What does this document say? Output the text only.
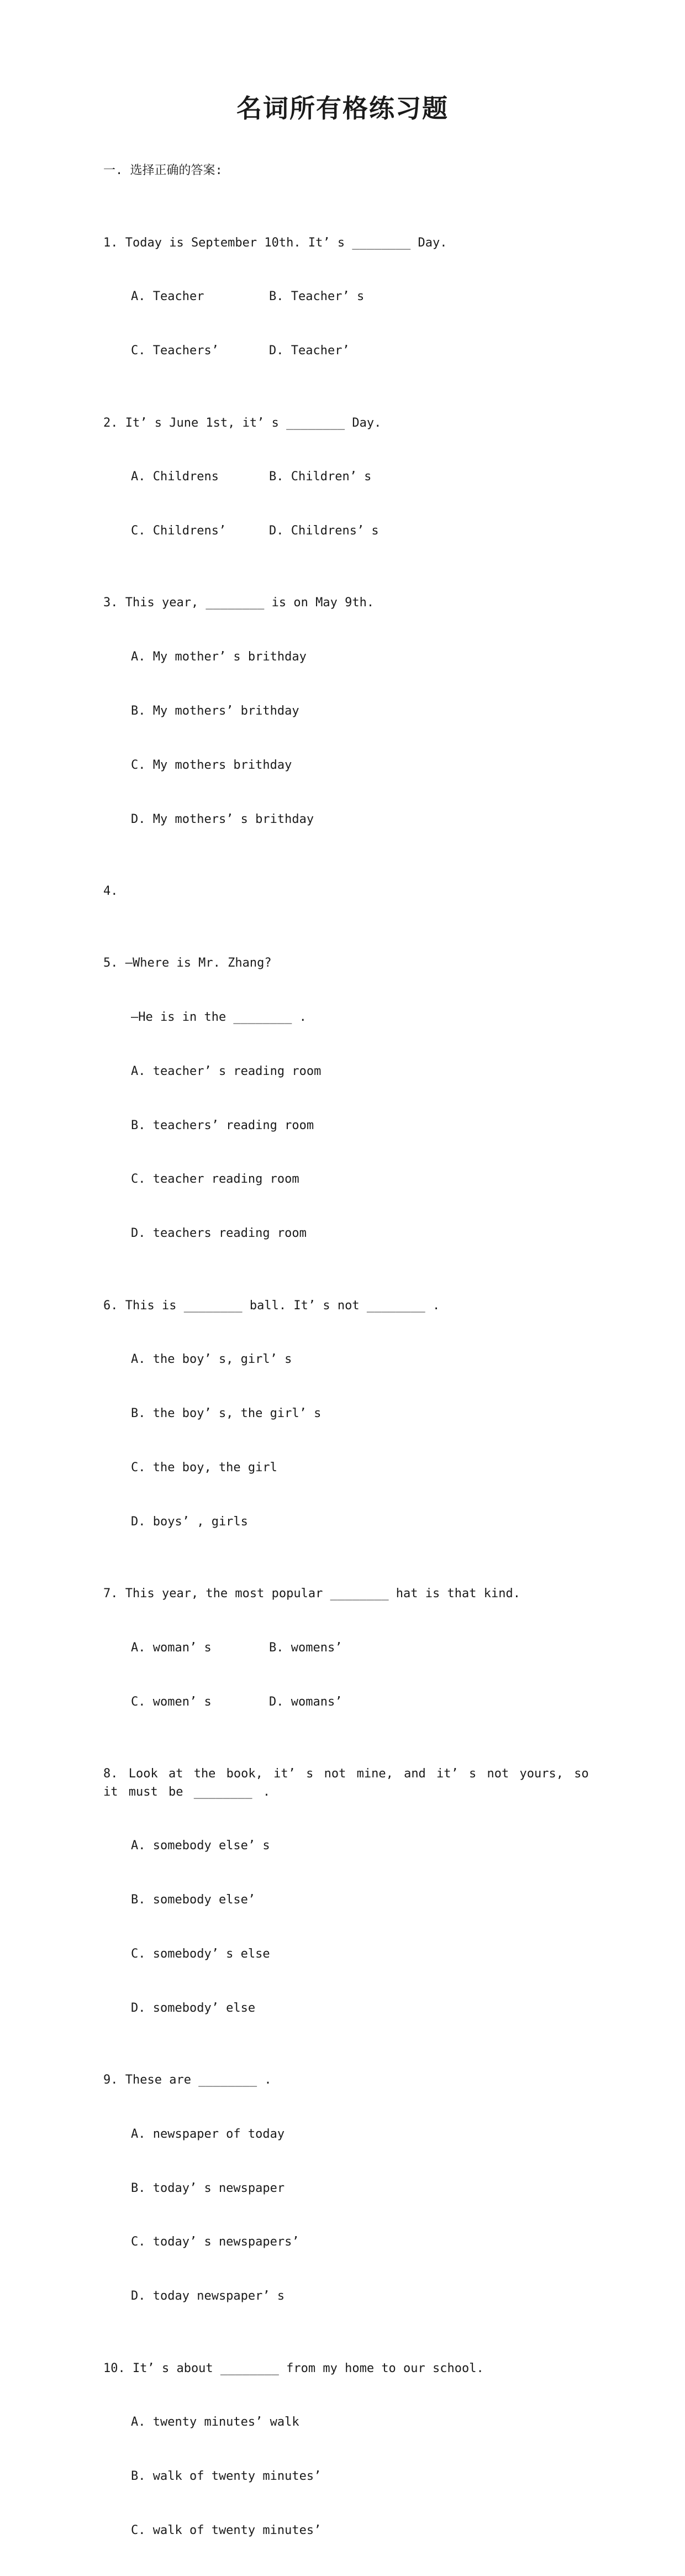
名词所有格练习题

一. 选择正确的答案:

1. Today is September 10th. It’ s ________ Day.

A. Teacher	B. Teacher’ s

C. Teachers’	D. Teacher’

2. It’ s June 1st, it’ s ________ Day.

A. Childrens	B. Children’ s

C. Childrens’	D. Childrens’ s

3. This year, ________ is on May 9th.

A. My mother’ s brithday

B. My mothers’ brithday

C. My mothers brithday

D. My mothers’ s brithday

4.

5. —Where is Mr. Zhang?

—He is in the ________ .

A. teacher’ s reading room

B. teachers’ reading room

C. teacher reading room

D. teachers reading room

6. This is ________ ball. It’ s not ________ .

A. the boy’ s, girl’ s

B. the boy’ s, the girl’ s

C. the boy, the girl

D. boys’ , girls

7. This year, the most popular ________ hat is that kind.

A. woman’ s	B. womens’

C. women’ s	D. womans’

8. Look at the book, it’ s not mine, and it’ s not yours, so it must be ________ .

A. somebody else’ s

B. somebody else’

C. somebody’ s else

D. somebody’ else

9. These are ________ .

A. newspaper of today

B. today’ s newspaper

C. today’ s newspapers’

D. today newspaper’ s

10. It’ s about ________ from my home to our school.

A. twenty minutes’ walk

B. walk of twenty minutes’

C. walk of twenty minutes’
